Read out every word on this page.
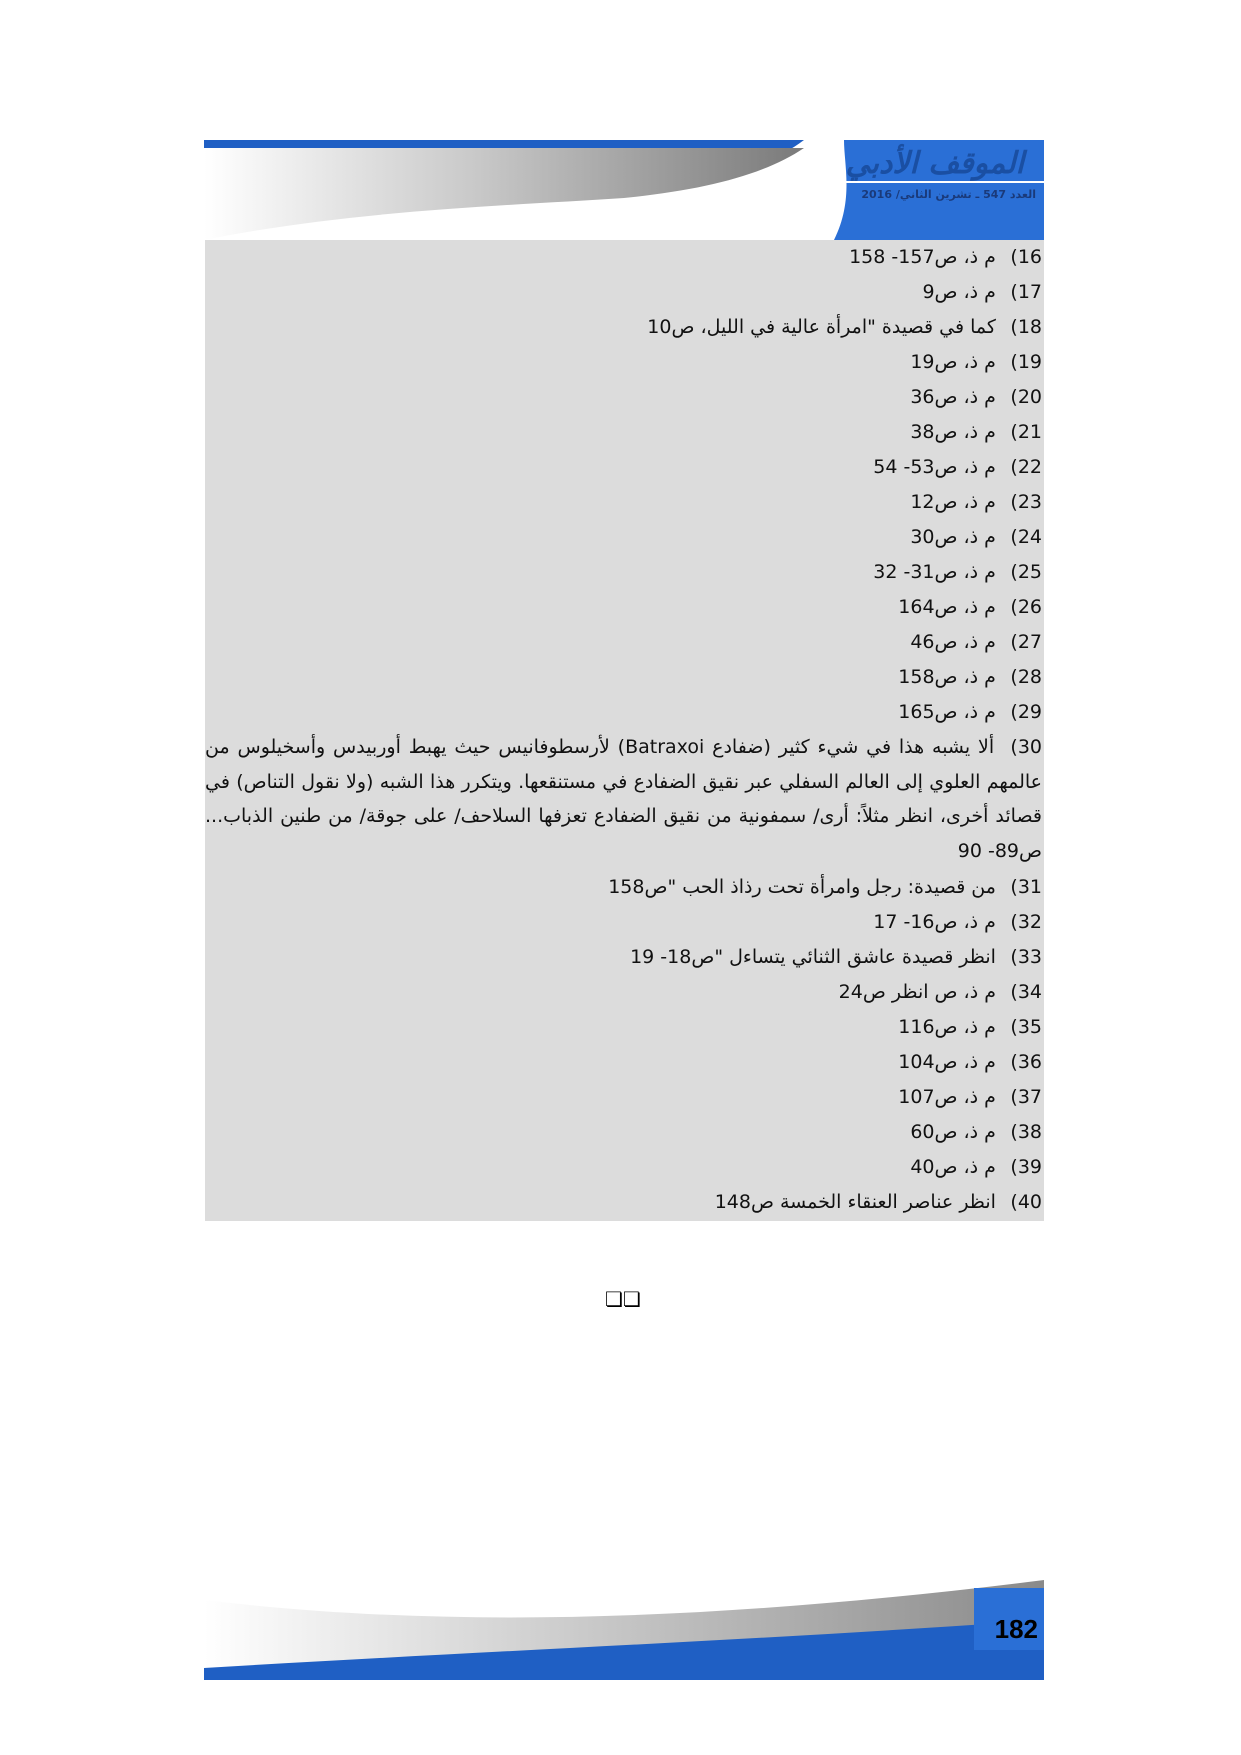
الموقف الأدبي
العدد 547 ـ تشرين الثاني/ 2016
16) م ذ، ص157- 158
17) م ذ، ص9
18) كما في قصيدة "امرأة عالية في الليل، ص10
19) م ذ، ص19
20) م ذ، ص36
21) م ذ، ص38
22) م ذ، ص53- 54
23) م ذ، ص12
24) م ذ، ص30
25) م ذ، ص31- 32
26) م ذ، ص164
27) م ذ، ص46
28) م ذ، ص158
29) م ذ، ص165
30) ألا يشبه هذا في شيء كثير (ضفادع Batraxoi) لأرسطوفانيس حيث يهبط أوربيدس وأسخيلوس من عالمهم العلوي إلى العالم السفلي عبر نقيق الضفادع في مستنقعها. ويتكرر هذا الشبه (ولا نقول التناص) في قصائد أخرى، انظر مثلاً: أرى/ سمفونية من نقيق الضفادع تعزفها السلاحف/ على جوقة/ من طنين الذباب... ص89- 90
31) من قصيدة: رجل وامرأة تحت رذاذ الحب "ص158
32) م ذ، ص16- 17
33) انظر قصيدة عاشق الثنائي يتساءل "ص18- 19
34) م ذ، ص انظر ص24
35) م ذ، ص116
36) م ذ، ص104
37) م ذ، ص107
38) م ذ، ص60
39) م ذ، ص40
40) انظر عناصر العنقاء الخمسة ص148
❏❏
182
